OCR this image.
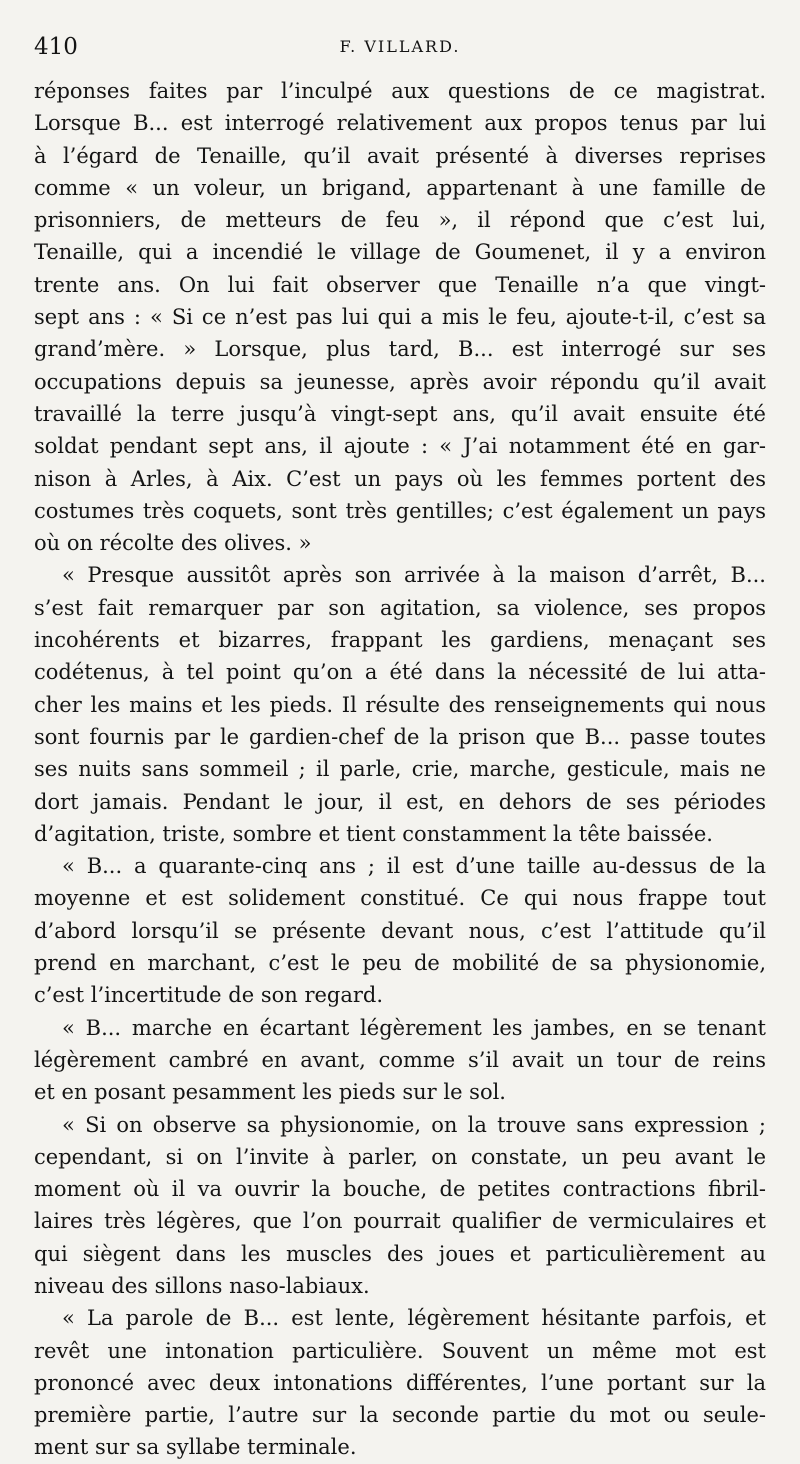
410	F. VILLARD.
réponses faites par l’inculpé aux questions de ce magistrat.
Lorsque B... est interrogé relativement aux propos tenus par lui
à l’égard de Tenaille, qu’il avait présenté à diverses reprises
comme « un voleur, un brigand, appartenant à une famille de
prisonniers, de metteurs de feu », il répond que c’est lui,
Tenaille, qui a incendié le village de Goumenet, il y a environ
trente ans. On lui fait observer que Tenaille n’a que vingt-
sept ans : « Si ce n’est pas lui qui a mis le feu, ajoute-t-il, c’est sa
grand’mère. » Lorsque, plus tard, B... est interrogé sur ses
occupations depuis sa jeunesse, après avoir répondu qu’il avait
travaillé la terre jusqu’à vingt-sept ans, qu’il avait ensuite été
soldat pendant sept ans, il ajoute : « J’ai notamment été en gar-
nison à Arles, à Aix. C’est un pays où les femmes portent des
costumes très coquets, sont très gentilles; c’est également un pays
où on récolte des olives. »
« Presque aussitôt après son arrivée à la maison d’arrêt, B...
s’est fait remarquer par son agitation, sa violence, ses propos
incohérents et bizarres, frappant les gardiens, menaçant ses
codétenus, à tel point qu’on a été dans la nécessité de lui atta-
cher les mains et les pieds. Il résulte des renseignements qui nous
sont fournis par le gardien-chef de la prison que B... passe toutes
ses nuits sans sommeil ; il parle, crie, marche, gesticule, mais ne
dort jamais. Pendant le jour, il est, en dehors de ses périodes
d’agitation, triste, sombre et tient constamment la tête baissée.
« B... a quarante-cinq ans ; il est d’une taille au-dessus de la
moyenne et est solidement constitué. Ce qui nous frappe tout
d’abord lorsqu’il se présente devant nous, c’est l’attitude qu’il
prend en marchant, c’est le peu de mobilité de sa physionomie,
c’est l’incertitude de son regard.
« B... marche en écartant légèrement les jambes, en se tenant
légèrement cambré en avant, comme s’il avait un tour de reins
et en posant pesamment les pieds sur le sol.
« Si on observe sa physionomie, on la trouve sans expression ;
cependant, si on l’invite à parler, on constate, un peu avant le
moment où il va ouvrir la bouche, de petites contractions fibril-
laires très légères, que l’on pourrait qualifier de vermiculaires et
qui siègent dans les muscles des joues et particulièrement au
niveau des sillons naso-labiaux.
« La parole de B... est lente, légèrement hésitante parfois, et
revêt une intonation particulière. Souvent un même mot est
prononcé avec deux intonations différentes, l’une portant sur la
première partie, l’autre sur la seconde partie du mot ou seule-
ment sur sa syllabe terminale.
